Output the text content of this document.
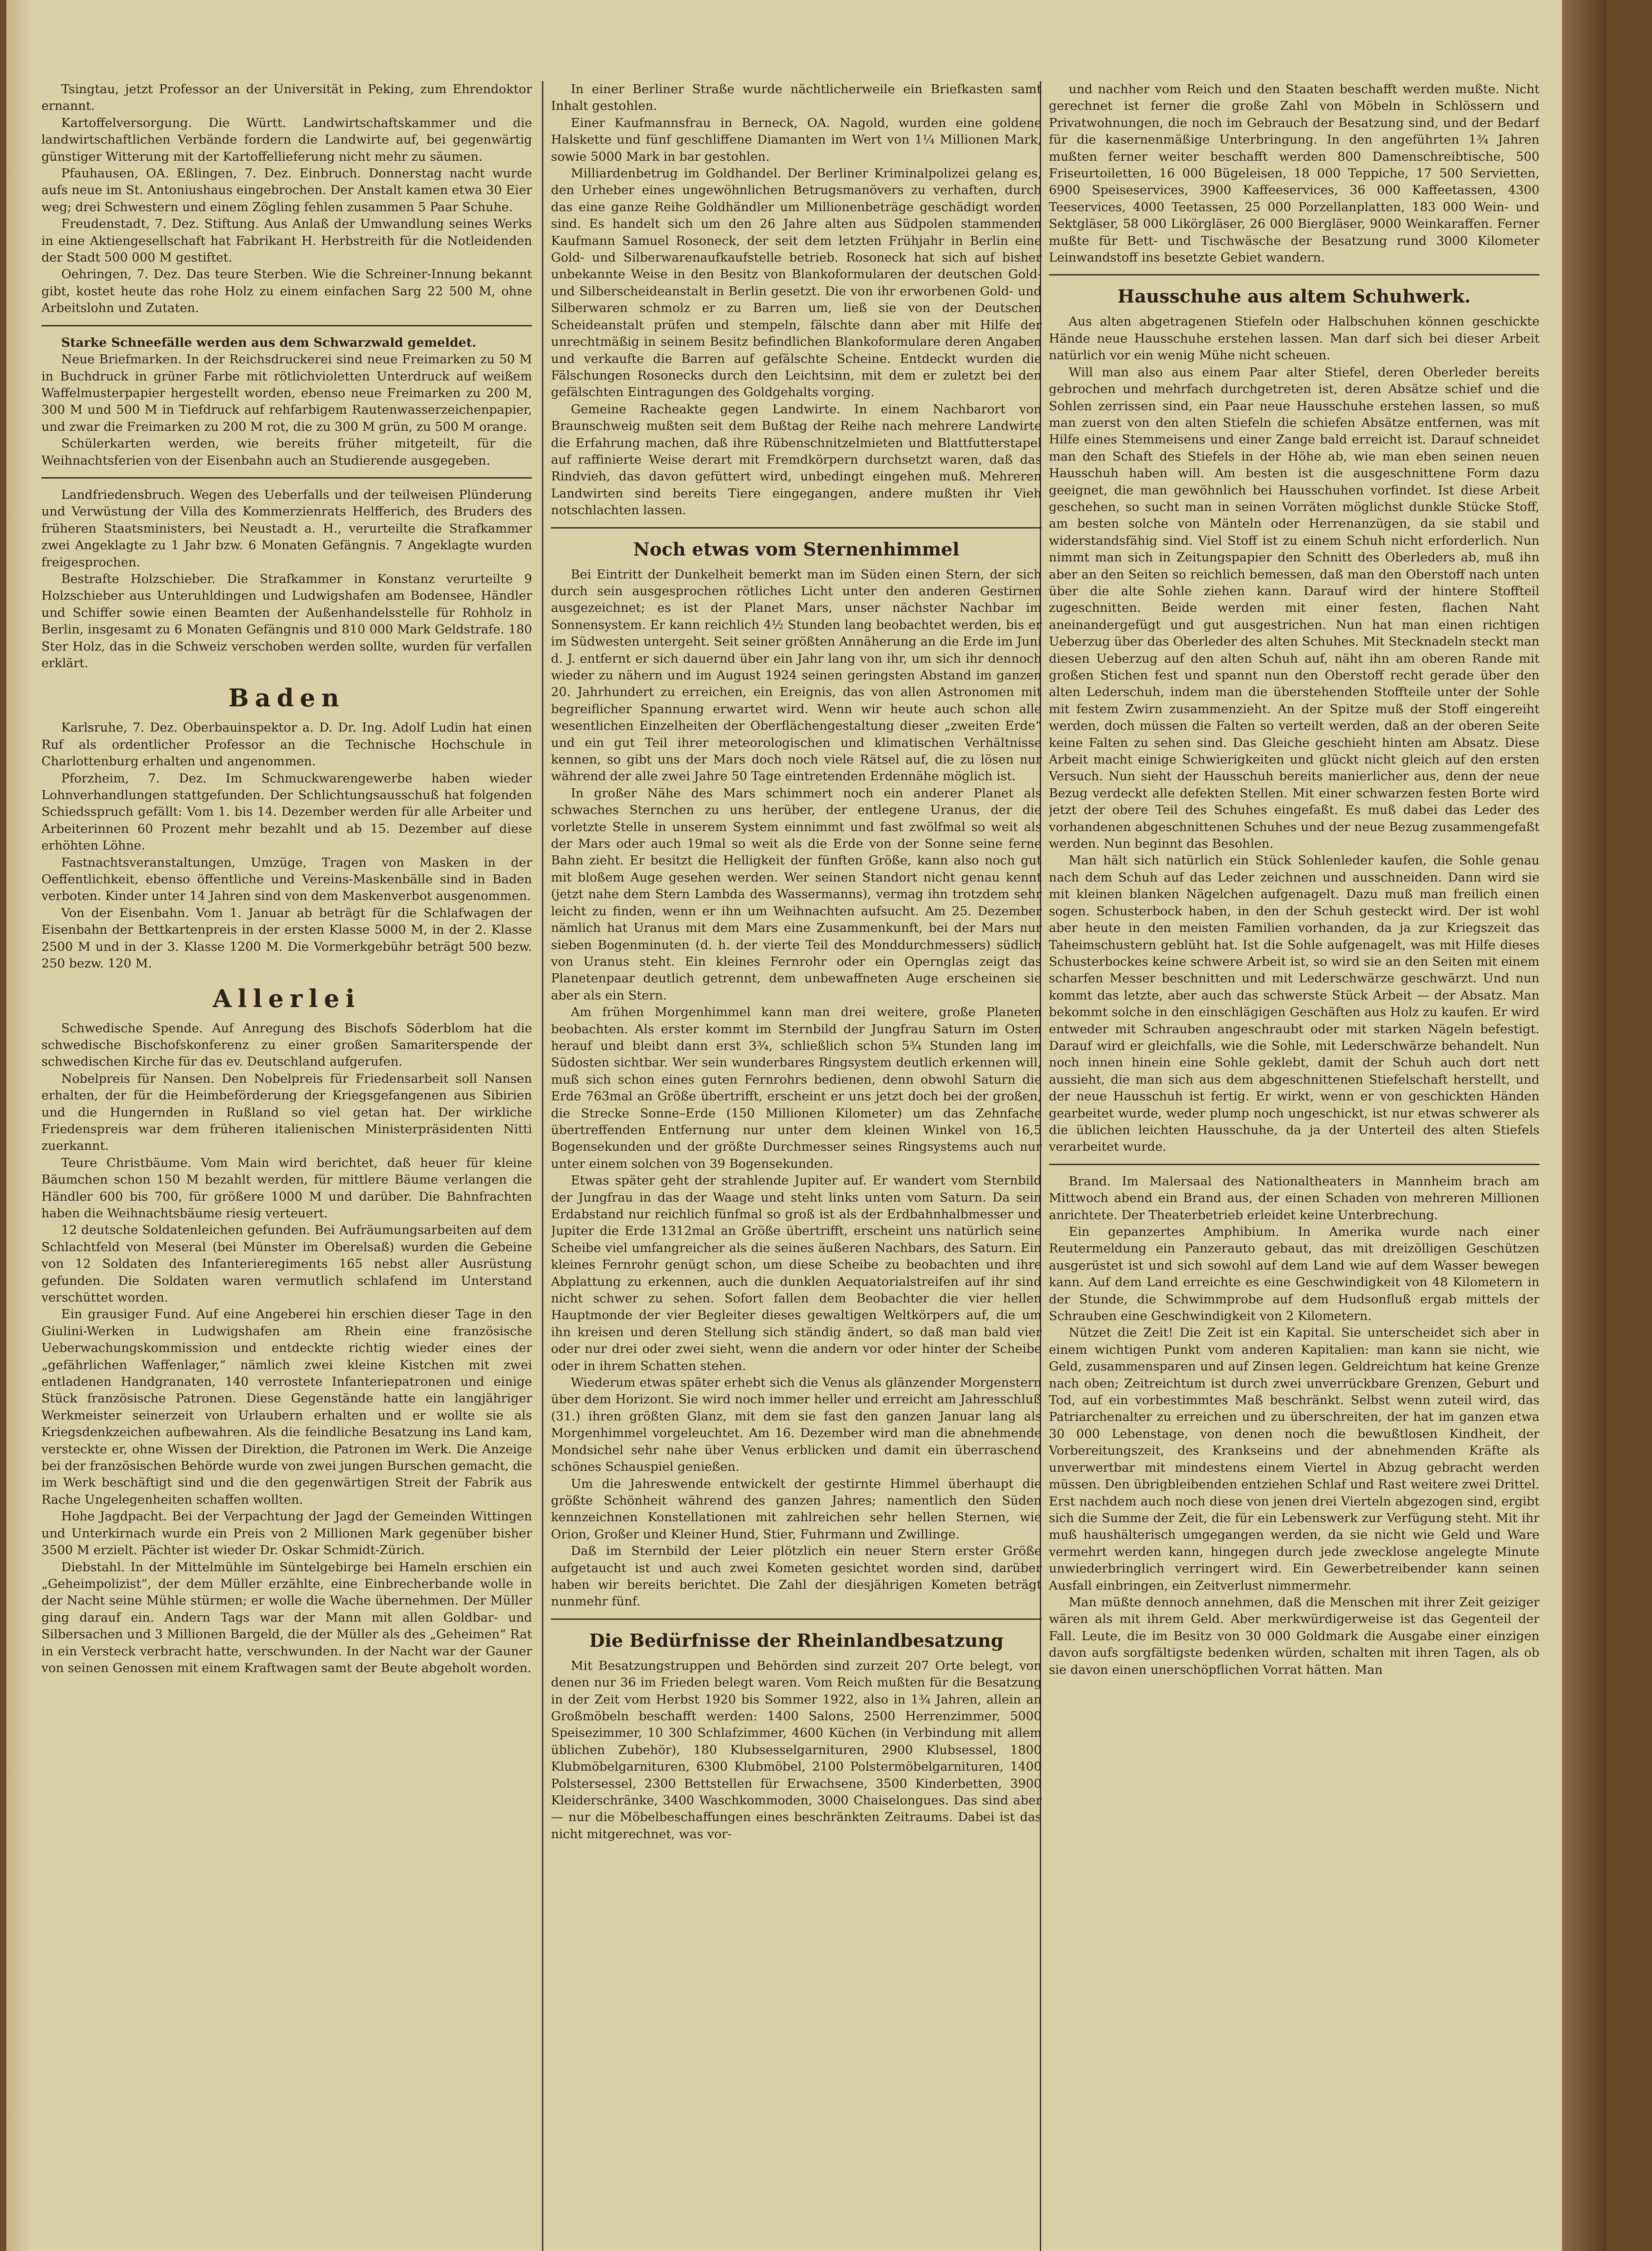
Tsingtau, jetzt Professor an der Universität in Peking, zum Ehrendoktor ernannt.

Kartoffelversorgung. Die Württ. Landwirtschaftskammer und die landwirtschaftlichen Verbände fordern die Landwirte auf, bei gegenwärtig günstiger Witterung mit der Kartoffellieferung nicht mehr zu säumen.

Pfauhausen, OA. Eßlingen, 7. Dez. Einbruch. Donnerstag nacht wurde aufs neue im St. Antoniushaus eingebrochen. Der Anstalt kamen etwa 30 Eier weg; drei Schwestern und einem Zögling fehlen zusammen 5 Paar Schuhe.

Freudenstadt, 7. Dez. Stiftung. Aus Anlaß der Umwandlung seines Werks in eine Aktiengesellschaft hat Fabrikant H. Herbstreith für die Notleidenden der Stadt 500 000 M gestiftet.

Oehringen, 7. Dez. Das teure Sterben. Wie die Schreiner-Innung bekannt gibt, kostet heute das rohe Holz zu einem einfachen Sarg 22 500 M, ohne Arbeitslohn und Zutaten.

Starke Schneefälle werden aus dem Schwarzwald gemeldet.

Neue Briefmarken. In der Reichsdruckerei sind neue Freimarken zu 50 M in Buchdruck in grüner Farbe mit rötlichvioletten Unterdruck auf weißem Waffelmusterpapier hergestellt worden, ebenso neue Freimarken zu 200 M, 300 M und 500 M in Tiefdruck auf rehfarbigem Rautenwasserzeichenpapier, und zwar die Freimarken zu 200 M rot, die zu 300 M grün, zu 500 M orange.

Schülerkarten werden, wie bereits früher mitgeteilt, für die Weihnachtsferien von der Eisenbahn auch an Studierende ausgegeben.

Landfriedensbruch. Wegen des Ueberfalls und der teilweisen Plünderung und Verwüstung der Villa des Kommerzienrats Helfferich, des Bruders des früheren Staatsministers, bei Neustadt a. H., verurteilte die Strafkammer zwei Angeklagte zu 1 Jahr bzw. 6 Monaten Gefängnis. 7 Angeklagte wurden freigesprochen.

Bestrafte Holzschieber. Die Strafkammer in Konstanz verurteilte 9 Holzschieber aus Unteruhldingen und Ludwigshafen am Bodensee, Händler und Schiffer sowie einen Beamten der Außenhandelsstelle für Rohholz in Berlin, insgesamt zu 6 Monaten Gefängnis und 810 000 Mark Geldstrafe. 180 Ster Holz, das in die Schweiz verschoben werden sollte, wurden für verfallen erklärt.

Baden

Karlsruhe, 7. Dez. Oberbauinspektor a. D. Dr. Ing. Adolf Ludin hat einen Ruf als ordentlicher Professor an die Technische Hochschule in Charlottenburg erhalten und angenommen.

Pforzheim, 7. Dez. Im Schmuckwarengewerbe haben wieder Lohnverhandlungen stattgefunden. Der Schlichtungsausschuß hat folgenden Schiedsspruch gefällt: Vom 1. bis 14. Dezember werden für alle Arbeiter und Arbeiterinnen 60 Prozent mehr bezahlt und ab 15. Dezember auf diese erhöhten Löhne.

Fastnachtsveranstaltungen, Umzüge, Tragen von Masken in der Oeffentlichkeit, ebenso öffentliche und Vereins-Maskenbälle sind in Baden verboten. Kinder unter 14 Jahren sind von dem Maskenverbot ausgenommen.

Von der Eisenbahn. Vom 1. Januar ab beträgt für die Schlafwagen der Eisenbahn der Bettkartenpreis in der ersten Klasse 5000 M, in der 2. Klasse 2500 M und in der 3. Klasse 1200 M. Die Vormerkgebühr beträgt 500 bezw. 250 bezw. 120 M.

Allerlei

Schwedische Spende. Auf Anregung des Bischofs Söderblom hat die schwedische Bischofskonferenz zu einer großen Samariterspende der schwedischen Kirche für das ev. Deutschland aufgerufen.

Nobelpreis für Nansen. Den Nobelpreis für Friedensarbeit soll Nansen erhalten, der für die Heimbeförderung der Kriegsgefangenen aus Sibirien und die Hungernden in Rußland so viel getan hat. Der wirkliche Friedenspreis war dem früheren italienischen Ministerpräsidenten Nitti zuerkannt.

Teure Christbäume. Vom Main wird berichtet, daß heuer für kleine Bäumchen schon 150 M bezahlt werden, für mittlere Bäume verlangen die Händler 600 bis 700, für größere 1000 M und darüber. Die Bahnfrachten haben die Weihnachtsbäume riesig verteuert.

12 deutsche Soldatenleichen gefunden. Bei Aufräumungsarbeiten auf dem Schlachtfeld von Meseral (bei Münster im Oberelsaß) wurden die Gebeine von 12 Soldaten des Infanterieregiments 165 nebst aller Ausrüstung gefunden. Die Soldaten waren vermutlich schlafend im Unterstand verschüttet worden.

Ein grausiger Fund. Auf eine Angeberei hin erschien dieser Tage in den Giulini-Werken in Ludwigshafen am Rhein eine französische Ueberwachungskommission und entdeckte richtig wieder eines der „gefährlichen Waffenlager,“ nämlich zwei kleine Kistchen mit zwei entladenen Handgranaten, 140 verrostete Infanteriepatronen und einige Stück französische Patronen. Diese Gegenstände hatte ein langjähriger Werkmeister seinerzeit von Urlaubern erhalten und er wollte sie als Kriegsdenkzeichen aufbewahren. Als die feindliche Besatzung ins Land kam, versteckte er, ohne Wissen der Direktion, die Patronen im Werk. Die Anzeige bei der französischen Behörde wurde von zwei jungen Burschen gemacht, die im Werk beschäftigt sind und die den gegenwärtigen Streit der Fabrik aus Rache Ungelegenheiten schaffen wollten.

Hohe Jagdpacht. Bei der Verpachtung der Jagd der Gemeinden Wittingen und Unterkirnach wurde ein Preis von 2 Millionen Mark gegenüber bisher 3500 M erzielt. Pächter ist wieder Dr. Oskar Schmidt-Zürich.

Diebstahl. In der Mittelmühle im Süntelgebirge bei Hameln erschien ein „Geheimpolizist“, der dem Müller erzählte, eine Einbrecherbande wolle in der Nacht seine Mühle stürmen; er wolle die Wache übernehmen. Der Müller ging darauf ein. Andern Tags war der Mann mit allen Goldbar- und Silbersachen und 3 Millionen Bargeld, die der Müller als des „Geheimen“ Rat in ein Versteck verbracht hatte, verschwunden. In der Nacht war der Gauner von seinen Genossen mit einem Kraftwagen samt der Beute abgeholt worden.

In einer Berliner Straße wurde nächtlicherweile ein Briefkasten samt Inhalt gestohlen.

Einer Kaufmannsfrau in Berneck, OA. Nagold, wurden eine goldene Halskette und fünf geschliffene Diamanten im Wert von 1¼ Millionen Mark, sowie 5000 Mark in bar gestohlen.

Milliardenbetrug im Goldhandel. Der Berliner Kriminalpolizei gelang es, den Urheber eines ungewöhnlichen Betrugsmanövers zu verhaften, durch das eine ganze Reihe Goldhändler um Millionenbeträge geschädigt worden sind. Es handelt sich um den 26 Jahre alten aus Südpolen stammenden Kaufmann Samuel Rosoneck, der seit dem letzten Frühjahr in Berlin eine Gold- und Silberwarenaufkaufstelle betrieb. Rosoneck hat sich auf bisher unbekannte Weise in den Besitz von Blankoformularen der deutschen Gold- und Silberscheideanstalt in Berlin gesetzt. Die von ihr erworbenen Gold- und Silberwaren schmolz er zu Barren um, ließ sie von der Deutschen Scheideanstalt prüfen und stempeln, fälschte dann aber mit Hilfe der unrechtmäßig in seinem Besitz befindlichen Blankoformulare deren Angaben und verkaufte die Barren auf gefälschte Scheine. Entdeckt wurden die Fälschungen Rosonecks durch den Leichtsinn, mit dem er zuletzt bei den gefälschten Eintragungen des Goldgehalts vorging.

Gemeine Racheakte gegen Landwirte. In einem Nachbarort von Braunschweig mußten seit dem Bußtag der Reihe nach mehrere Landwirte die Erfahrung machen, daß ihre Rübenschnitzelmieten und Blattfutterstapel auf raffinierte Weise derart mit Fremdkörpern durchsetzt waren, daß das Rindvieh, das davon gefüttert wird, unbedingt eingehen muß. Mehreren Landwirten sind bereits Tiere eingegangen, andere mußten ihr Vieh notschlachten lassen.

Noch etwas vom Sternenhimmel

Bei Eintritt der Dunkelheit bemerkt man im Süden einen Stern, der sich durch sein ausgesprochen rötliches Licht unter den anderen Gestirnen ausgezeichnet; es ist der Planet Mars, unser nächster Nachbar im Sonnensystem. Er kann reichlich 4½ Stunden lang beobachtet werden, bis er im Südwesten untergeht. Seit seiner größten Annäherung an die Erde im Juni d. J. entfernt er sich dauernd über ein Jahr lang von ihr, um sich ihr dennoch wieder zu nähern und im August 1924 seinen geringsten Abstand im ganzen 20. Jahrhundert zu erreichen, ein Ereignis, das von allen Astronomen mit begreiflicher Spannung erwartet wird. Wenn wir heute auch schon alle wesentlichen Einzelheiten der Oberflächengestaltung dieser „zweiten Erde“ und ein gut Teil ihrer meteorologischen und klimatischen Verhältnisse kennen, so gibt uns der Mars doch noch viele Rätsel auf, die zu lösen nur während der alle zwei Jahre 50 Tage eintretenden Erdennähe möglich ist.

In großer Nähe des Mars schimmert noch ein anderer Planet als schwaches Sternchen zu uns herüber, der entlegene Uranus, der die vorletzte Stelle in unserem System einnimmt und fast zwölfmal so weit als der Mars oder auch 19mal so weit als die Erde von der Sonne seine ferne Bahn zieht. Er besitzt die Helligkeit der fünften Größe, kann also noch gut mit bloßem Auge gesehen werden. Wer seinen Standort nicht genau kennt (jetzt nahe dem Stern Lambda des Wassermanns), vermag ihn trotzdem sehr leicht zu finden, wenn er ihn um Weihnachten aufsucht. Am 25. Dezember nämlich hat Uranus mit dem Mars eine Zusammenkunft, bei der Mars nur sieben Bogenminuten (d. h. der vierte Teil des Monddurchmessers) südlich von Uranus steht. Ein kleines Fernrohr oder ein Opernglas zeigt das Planetenpaar deutlich getrennt, dem unbewaffneten Auge erscheinen sie aber als ein Stern.

Am frühen Morgenhimmel kann man drei weitere, große Planeten beobachten. Als erster kommt im Sternbild der Jungfrau Saturn im Osten herauf und bleibt dann erst 3¾, schließlich schon 5¾ Stunden lang im Südosten sichtbar. Wer sein wunderbares Ringsystem deutlich erkennen will, muß sich schon eines guten Fernrohrs bedienen, denn obwohl Saturn die Erde 763mal an Größe übertrifft, erscheint er uns jetzt doch bei der großen, die Strecke Sonne–Erde (150 Millionen Kilometer) um das Zehnfache übertreffenden Entfernung nur unter dem kleinen Winkel von 16,5 Bogensekunden und der größte Durchmesser seines Ringsystems auch nur unter einem solchen von 39 Bogensekunden.

Etwas später geht der strahlende Jupiter auf. Er wandert vom Sternbild der Jungfrau in das der Waage und steht links unten vom Saturn. Da sein Erdabstand nur reichlich fünfmal so groß ist als der Erdbahnhalbmesser und Jupiter die Erde 1312mal an Größe übertrifft, erscheint uns natürlich seine Scheibe viel umfangreicher als die seines äußeren Nachbars, des Saturn. Ein kleines Fernrohr genügt schon, um diese Scheibe zu beobachten und ihre Abplattung zu erkennen, auch die dunklen Aequatorialstreifen auf ihr sind nicht schwer zu sehen. Sofort fallen dem Beobachter die vier hellen Hauptmonde der vier Begleiter dieses gewaltigen Weltkörpers auf, die um ihn kreisen und deren Stellung sich ständig ändert, so daß man bald vier oder nur drei oder zwei sieht, wenn die andern vor oder hinter der Scheibe oder in ihrem Schatten stehen.

Wiederum etwas später erhebt sich die Venus als glänzender Morgenstern über dem Horizont. Sie wird noch immer heller und erreicht am Jahresschluß (31.) ihren größten Glanz, mit dem sie fast den ganzen Januar lang als Morgenhimmel vorgeleuchtet. Am 16. Dezember wird man die abnehmende Mondsichel sehr nahe über Venus erblicken und damit ein überraschend schönes Schauspiel genießen.

Um die Jahreswende entwickelt der gestirnte Himmel überhaupt die größte Schönheit während des ganzen Jahres; namentlich den Süden kennzeichnen Konstellationen mit zahlreichen sehr hellen Sternen, wie Orion, Großer und Kleiner Hund, Stier, Fuhrmann und Zwillinge.

Daß im Sternbild der Leier plötzlich ein neuer Stern erster Größe aufgetaucht ist und auch zwei Kometen gesichtet worden sind, darüber haben wir bereits berichtet. Die Zahl der diesjährigen Kometen beträgt nunmehr fünf.

Die Bedürfnisse der Rheinlandbesatzung

Mit Besatzungstruppen und Behörden sind zurzeit 207 Orte belegt, von denen nur 36 im Frieden belegt waren. Vom Reich mußten für die Besatzung in der Zeit vom Herbst 1920 bis Sommer 1922, also in 1¾ Jahren, allein an Großmöbeln beschafft werden: 1400 Salons, 2500 Herrenzimmer, 5000 Speisezimmer, 10 300 Schlafzimmer, 4600 Küchen (in Verbindung mit allem üblichen Zubehör), 180 Klubsesselgarnituren, 2900 Klubsessel, 1800 Klubmöbelgarnituren, 6300 Klubmöbel, 2100 Polstermöbelgarnituren, 1400 Polstersessel, 2300 Bettstellen für Erwachsene, 3500 Kinderbetten, 3900 Kleiderschränke, 3400 Waschkommoden, 3000 Chaiselongues. Das sind aber — nur die Möbelbeschaffungen eines beschränkten Zeitraums. Dabei ist das nicht mitgerechnet, was vor-

und nachher vom Reich und den Staaten beschafft werden mußte. Nicht gerechnet ist ferner die große Zahl von Möbeln in Schlössern und Privatwohnungen, die noch im Gebrauch der Besatzung sind, und der Bedarf für die kasernenmäßige Unterbringung. In den angeführten 1¾ Jahren mußten ferner weiter beschafft werden 800 Damenschreibtische, 500 Friseurtoiletten, 16 000 Bügeleisen, 18 000 Teppiche, 17 500 Servietten, 6900 Speiseservices, 3900 Kaffeeservices, 36 000 Kaffeetassen, 4300 Teeservices, 4000 Teetassen, 25 000 Porzellanplatten, 183 000 Wein- und Sektgläser, 58 000 Likörgläser, 26 000 Biergläser, 9000 Weinkaraffen. Ferner mußte für Bett- und Tischwäsche der Besatzung rund 3000 Kilometer Leinwandstoff ins besetzte Gebiet wandern.

Hausschuhe aus altem Schuhwerk.

Aus alten abgetragenen Stiefeln oder Halbschuhen können geschickte Hände neue Hausschuhe erstehen lassen. Man darf sich bei dieser Arbeit natürlich vor ein wenig Mühe nicht scheuen.

Will man also aus einem Paar alter Stiefel, deren Oberleder bereits gebrochen und mehrfach durchgetreten ist, deren Absätze schief und die Sohlen zerrissen sind, ein Paar neue Hausschuhe erstehen lassen, so muß man zuerst von den alten Stiefeln die schiefen Absätze entfernen, was mit Hilfe eines Stemmeisens und einer Zange bald erreicht ist. Darauf schneidet man den Schaft des Stiefels in der Höhe ab, wie man eben seinen neuen Hausschuh haben will. Am besten ist die ausgeschnittene Form dazu geeignet, die man gewöhnlich bei Hausschuhen vorfindet. Ist diese Arbeit geschehen, so sucht man in seinen Vorräten möglichst dunkle Stücke Stoff, am besten solche von Mänteln oder Herrenanzügen, da sie stabil und widerstandsfähig sind. Viel Stoff ist zu einem Schuh nicht erforderlich. Nun nimmt man sich in Zeitungspapier den Schnitt des Oberleders ab, muß ihn aber an den Seiten so reichlich bemessen, daß man den Oberstoff nach unten über die alte Sohle ziehen kann. Darauf wird der hintere Stoffteil zugeschnitten. Beide werden mit einer festen, flachen Naht aneinandergefügt und gut ausgestrichen. Nun hat man einen richtigen Ueberzug über das Oberleder des alten Schuhes. Mit Stecknadeln steckt man diesen Ueberzug auf den alten Schuh auf, näht ihn am oberen Rande mit großen Stichen fest und spannt nun den Oberstoff recht gerade über den alten Lederschuh, indem man die überstehenden Stoffteile unter der Sohle mit festem Zwirn zusammenzieht. An der Spitze muß der Stoff eingereiht werden, doch müssen die Falten so verteilt werden, daß an der oberen Seite keine Falten zu sehen sind. Das Gleiche geschieht hinten am Absatz. Diese Arbeit macht einige Schwierigkeiten und glückt nicht gleich auf den ersten Versuch. Nun sieht der Hausschuh bereits manierlicher aus, denn der neue Bezug verdeckt alle defekten Stellen. Mit einer schwarzen festen Borte wird jetzt der obere Teil des Schuhes eingefaßt. Es muß dabei das Leder des vorhandenen abgeschnittenen Schuhes und der neue Bezug zusammengefaßt werden. Nun beginnt das Besohlen.

Man hält sich natürlich ein Stück Sohlenleder kaufen, die Sohle genau nach dem Schuh auf das Leder zeichnen und ausschneiden. Dann wird sie mit kleinen blanken Nägelchen aufgenagelt. Dazu muß man freilich einen sogen. Schusterbock haben, in den der Schuh gesteckt wird. Der ist wohl aber heute in den meisten Familien vorhanden, da ja zur Kriegszeit das Taheimschustern geblüht hat. Ist die Sohle aufgenagelt, was mit Hilfe dieses Schusterbockes keine schwere Arbeit ist, so wird sie an den Seiten mit einem scharfen Messer beschnitten und mit Lederschwärze geschwärzt. Und nun kommt das letzte, aber auch das schwerste Stück Arbeit — der Absatz. Man bekommt solche in den einschlägigen Geschäften aus Holz zu kaufen. Er wird entweder mit Schrauben angeschraubt oder mit starken Nägeln befestigt. Darauf wird er gleichfalls, wie die Sohle, mit Lederschwärze behandelt. Nun noch innen hinein eine Sohle geklebt, damit der Schuh auch dort nett aussieht, die man sich aus dem abgeschnittenen Stiefelschaft herstellt, und der neue Hausschuh ist fertig. Er wirkt, wenn er von geschickten Händen gearbeitet wurde, weder plump noch ungeschickt, ist nur etwas schwerer als die üblichen leichten Hausschuhe, da ja der Unterteil des alten Stiefels verarbeitet wurde.

Brand. Im Malersaal des Nationaltheaters in Mannheim brach am Mittwoch abend ein Brand aus, der einen Schaden von mehreren Millionen anrichtete. Der Theaterbetrieb erleidet keine Unterbrechung.

Ein gepanzertes Amphibium. In Amerika wurde nach einer Reutermeldung ein Panzerauto gebaut, das mit dreizölligen Geschützen ausgerüstet ist und sich sowohl auf dem Land wie auf dem Wasser bewegen kann. Auf dem Land erreichte es eine Geschwindigkeit von 48 Kilometern in der Stunde, die Schwimmprobe auf dem Hudsonfluß ergab mittels der Schrauben eine Geschwindigkeit von 2 Kilometern.

Nützet die Zeit! Die Zeit ist ein Kapital. Sie unterscheidet sich aber in einem wichtigen Punkt vom anderen Kapitalien: man kann sie nicht, wie Geld, zusammensparen und auf Zinsen legen. Geldreichtum hat keine Grenze nach oben; Zeitreichtum ist durch zwei unverrückbare Grenzen, Geburt und Tod, auf ein vorbestimmtes Maß beschränkt. Selbst wenn zuteil wird, das Patriarchenalter zu erreichen und zu überschreiten, der hat im ganzen etwa 30 000 Lebenstage, von denen noch die bewußtlosen Kindheit, der Vorbereitungszeit, des Krankseins und der abnehmenden Kräfte als unverwertbar mit mindestens einem Viertel in Abzug gebracht werden müssen. Den übrigbleibenden entziehen Schlaf und Rast weitere zwei Drittel. Erst nachdem auch noch diese von jenen drei Vierteln abgezogen sind, ergibt sich die Summe der Zeit, die für ein Lebenswerk zur Verfügung steht. Mit ihr muß haushälterisch umgegangen werden, da sie nicht wie Geld und Ware vermehrt werden kann, hingegen durch jede zwecklose angelegte Minute unwiederbringlich verringert wird. Ein Gewerbetreibender kann seinen Ausfall einbringen, ein Zeitverlust nimmermehr.

Man müßte dennoch annehmen, daß die Menschen mit ihrer Zeit geiziger wären als mit ihrem Geld. Aber merkwürdigerweise ist das Gegenteil der Fall. Leute, die im Besitz von 30 000 Goldmark die Ausgabe einer einzigen davon aufs sorgfältigste bedenken würden, schalten mit ihren Tagen, als ob sie davon einen unerschöpflichen Vorrat hätten. Man
